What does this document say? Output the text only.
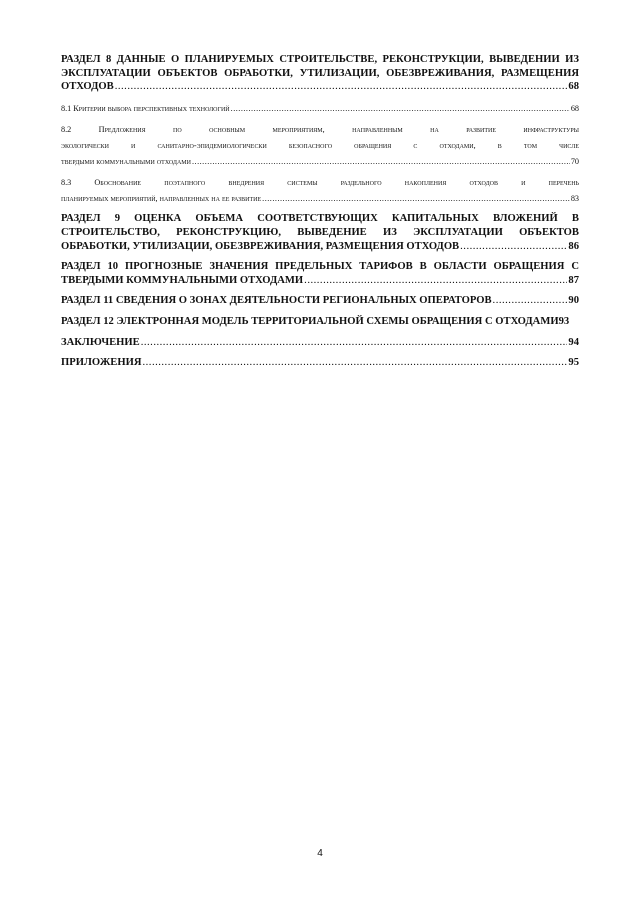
РАЗДЕЛ 8 ДАННЫЕ О ПЛАНИРУЕМЫХ СТРОИТЕЛЬСТВЕ, РЕКОНСТРУКЦИИ, ВЫВЕДЕНИИ ИЗ
ЭКСПЛУАТАЦИИ ОБЪЕКТОВ ОБРАБОТКИ, УТИЛИЗАЦИИ, ОБЕЗВРЕЖИВАНИЯ, РАЗМЕЩЕНИЯ
ОТХОДОВ .....	68
8.1 Критерии выбора перспективных технологий .....	68
8.2 Предложения по основным мероприятиям, направленным на развитие инфраструктуры
экологически и санитарно-эпидемиологически безопасного обращения с отходами, в том числе
твердыми коммунальными отходами .....	70
8.3 Обоснование поэтапного внедрения системы раздельного накопления отходов и перечень
планируемых мероприятий, направленных на ее развитие .....	83
РАЗДЕЛ 9 ОЦЕНКА ОБЪЕМА СООТВЕТСТВУЮЩИХ КАПИТАЛЬНЫХ ВЛОЖЕНИЙ В
СТРОИТЕЛЬСТВО, РЕКОНСТРУКЦИЮ, ВЫВЕДЕНИЕ ИЗ ЭКСПЛУАТАЦИИ ОБЪЕКТОВ
ОБРАБОТКИ, УТИЛИЗАЦИИ, ОБЕЗВРЕЖИВАНИЯ, РАЗМЕЩЕНИЯ ОТХОДОВ .....	86
РАЗДЕЛ 10 ПРОГНОЗНЫЕ ЗНАЧЕНИЯ ПРЕДЕЛЬНЫХ ТАРИФОВ В ОБЛАСТИ ОБРАЩЕНИЯ С
ТВЕРДЫМИ КОММУНАЛЬНЫМИ ОТХОДАМИ .....	87
РАЗДЕЛ 11 СВЕДЕНИЯ О ЗОНАХ ДЕЯТЕЛЬНОСТИ РЕГИОНАЛЬНЫХ ОПЕРАТОРОВ .....	90
РАЗДЕЛ 12 ЭЛЕКТРОННАЯ МОДЕЛЬ ТЕРРИТОРИАЛЬНОЙ СХЕМЫ ОБРАЩЕНИЯ С ОТХОДАМИ 93
ЗАКЛЮЧЕНИЕ .....	94
ПРИЛОЖЕНИЯ .....	95
4
